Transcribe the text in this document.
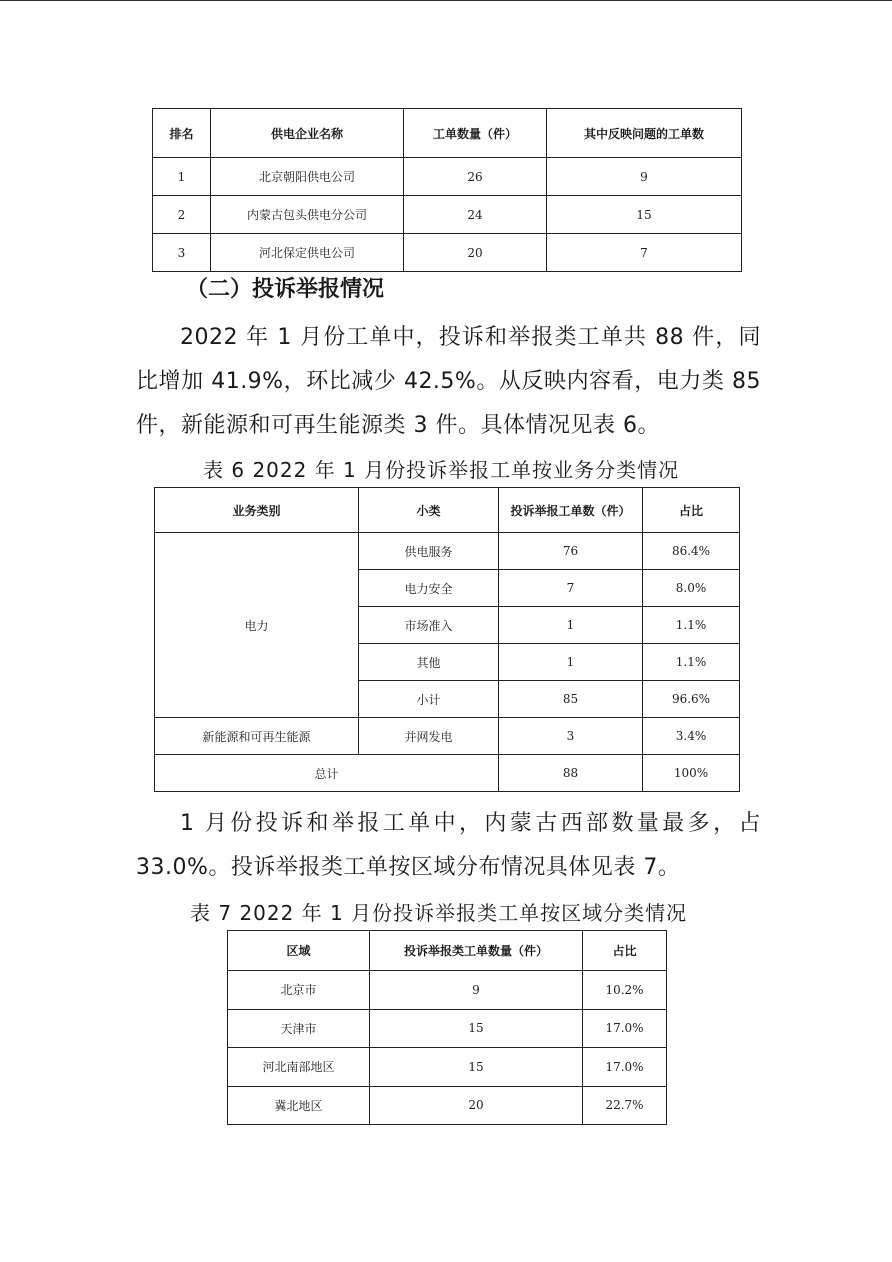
排名	供电企业名称	工单数量（件）	其中反映问题的工单数
1	北京朝阳供电公司	26	9
2	内蒙古包头供电分公司	24	15
3	河北保定供电公司	20	7
（二）投诉举报情况

2022 年 1 月份工单中，投诉和举报类工单共 88 件，同
比增加 41.9%，环比减少 42.5%。从反映内容看，电力类 85
件，新能源和可再生能源类 3 件。具体情况见表 6。

表 6 2022 年 1 月份投诉举报工单按业务分类情况

业务类别	小类	投诉举报工单数（件）	占比
电力	供电服务	76	86.4%
	电力安全	7	8.0%
	市场准入	1	1.1%
	其他	1	1.1%
	小计	85	96.6%
新能源和可再生能源	并网发电	3	3.4%
总计		88	100%

1 月份投诉和举报工单中，内蒙古西部数量最多，占
33.0%。投诉举报类工单按区域分布情况具体见表 7。

表 7 2022 年 1 月份投诉举报类工单按区域分类情况

区域	投诉举报类工单数量（件）	占比
北京市	9	10.2%
天津市	15	17.0%
河北南部地区	15	17.0%
冀北地区	20	22.7%
